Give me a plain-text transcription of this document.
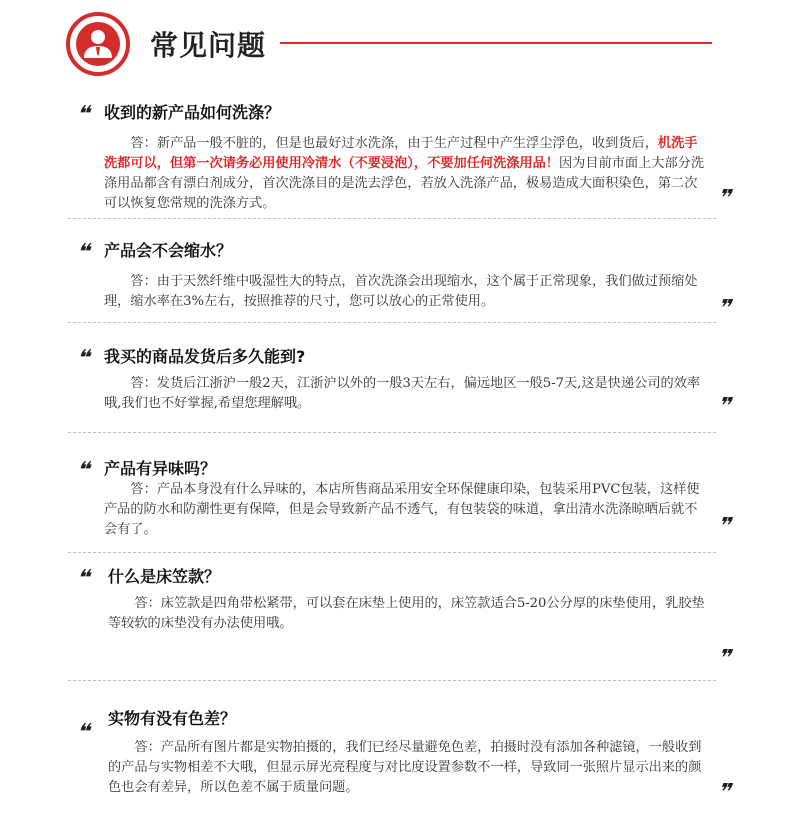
常见问题
❝ 收到的新产品如何洗涤？
答：新产品一般不脏的，但是也最好过水洗涤，由于生产过程中产生浮尘浮色，收到货后，机洗手洗都可以，但第一次请务必用使用冷清水（不要浸泡），不要加任何洗涤用品！因为目前市面上大部分洗涤用品都含有漂白剂成分，首次洗涤目的是洗去浮色，若放入洗涤产品，极易造成大面积染色，第二次可以恢复您常规的洗涤方式。	❞
❝ 产品会不会缩水？
答：由于天然纤维中吸湿性大的特点，首次洗涤会出现缩水，这个属于正常现象，我们做过预缩处理，缩水率在3%左右，按照推荐的尺寸，您可以放心的正常使用。	❞
❝ 我买的商品发货后多久能到?
答：发货后江浙沪一般2天，江浙沪以外的一般3天左右，偏远地区一般5-7天,这是快递公司的效率哦,我们也不好掌握,希望您理解哦。	❞
❝ 产品有异味吗？
答：产品本身没有什么异味的，本店所售商品采用安全环保健康印染，包装采用PVC包装，这样使产品的防水和防潮性更有保障，但是会导致新产品不透气，有包装袋的味道，拿出清水洗涤晾晒后就不会有了。	❞
❝ 什么是床笠款？
答：床笠款是四角带松紧带，可以套在床垫上使用的，床笠款适合5-20公分厚的床垫使用，乳胶垫等较软的床垫没有办法使用哦。
❞
❝
实物有没有色差？
答：产品所有图片都是实物拍摄的，我们已经尽量避免色差，拍摄时没有添加各种滤镜，一般收到的产品与实物相差不大哦，但显示屏光亮程度与对比度设置参数不一样，导致同一张照片显示出来的颜色也会有差异，所以色差不属于质量问题。	❞
